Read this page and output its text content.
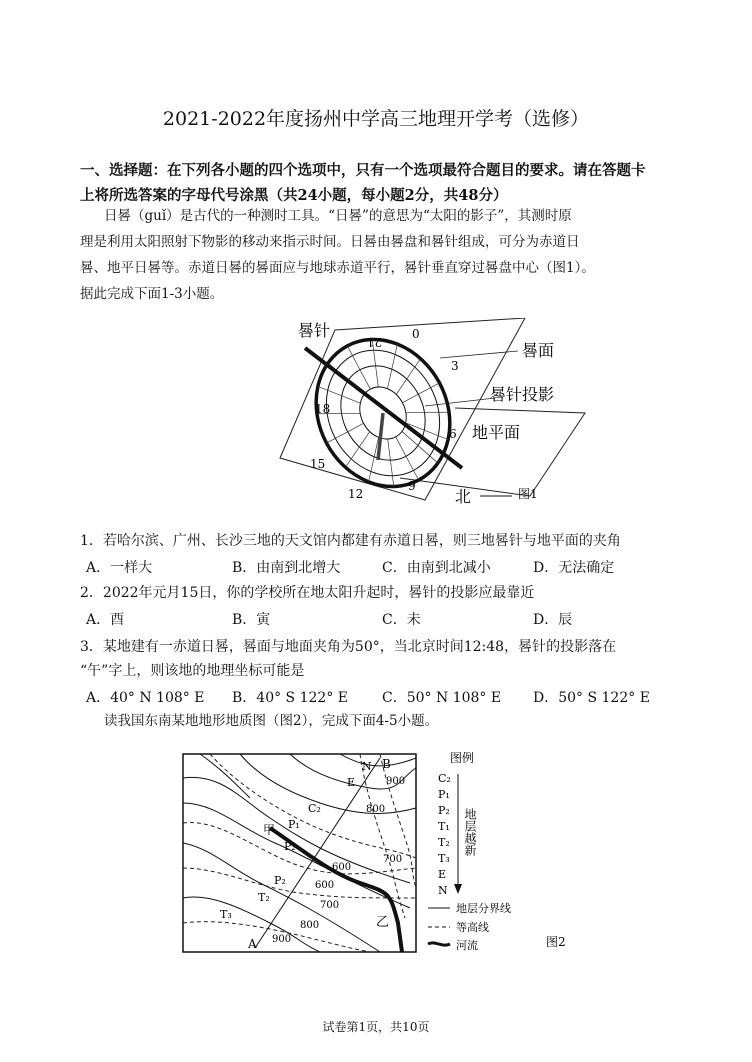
2021-2022年度扬州中学高三地理开学考（选修）
一、选择题：在下列各小题的四个选项中，只有一个选项最符合题目的要求。请在答题卡
上将所选答案的字母代号涂黑（共24小题，每小题2分，共48分）
日晷（guǐ）是古代的一种测时工具。“日晷”的意思为“太阳的影子”，其测时原
理是利用太阳照射下物影的移动来指示时间。日晷由晷盘和晷针组成，可分为赤道日
晷、地平日晷等。赤道日晷的晷面应与地球赤道平行，晷针垂直穿过晷盘中心（图1）。
据此完成下面1-3小题。
0
3
6
9
12
15
18
21
晷针
晷面
晷针投影
地平面
北	图1
1．若哈尔滨、广州、长沙三地的天文馆内都建有赤道日晷，则三地晷针与地平面的夹角
A．一样大	B．由南到北增大	C．由南到北减小	D．无法确定
2．2022年元月15日，你的学校所在地太阳升起时，晷针的投影应最靠近
A．酉	B．寅	C．未	D．辰
3．某地建有一赤道日晷，晷面与地面夹角为50°，当北京时间12:48，晷针的投影落在
“午”字上，则该地的地理坐标可能是
A．40° N 108° E B．40° S 122° E C．50° N 108° E D．50° S 122° E
读我国东南某地地形地质图（图2），完成下面4-5小题。
A
B
N
E
甲
乙
C₂
P₁
P₂
P₂
T₂
T₃
900
800
700
600
600
700
800
900
图例
C₂
P₁
P₂
T₁
T₂
T₃
E
N
地层越新
地层分界线
等高线
河流	图2
试卷第1页，共10页
